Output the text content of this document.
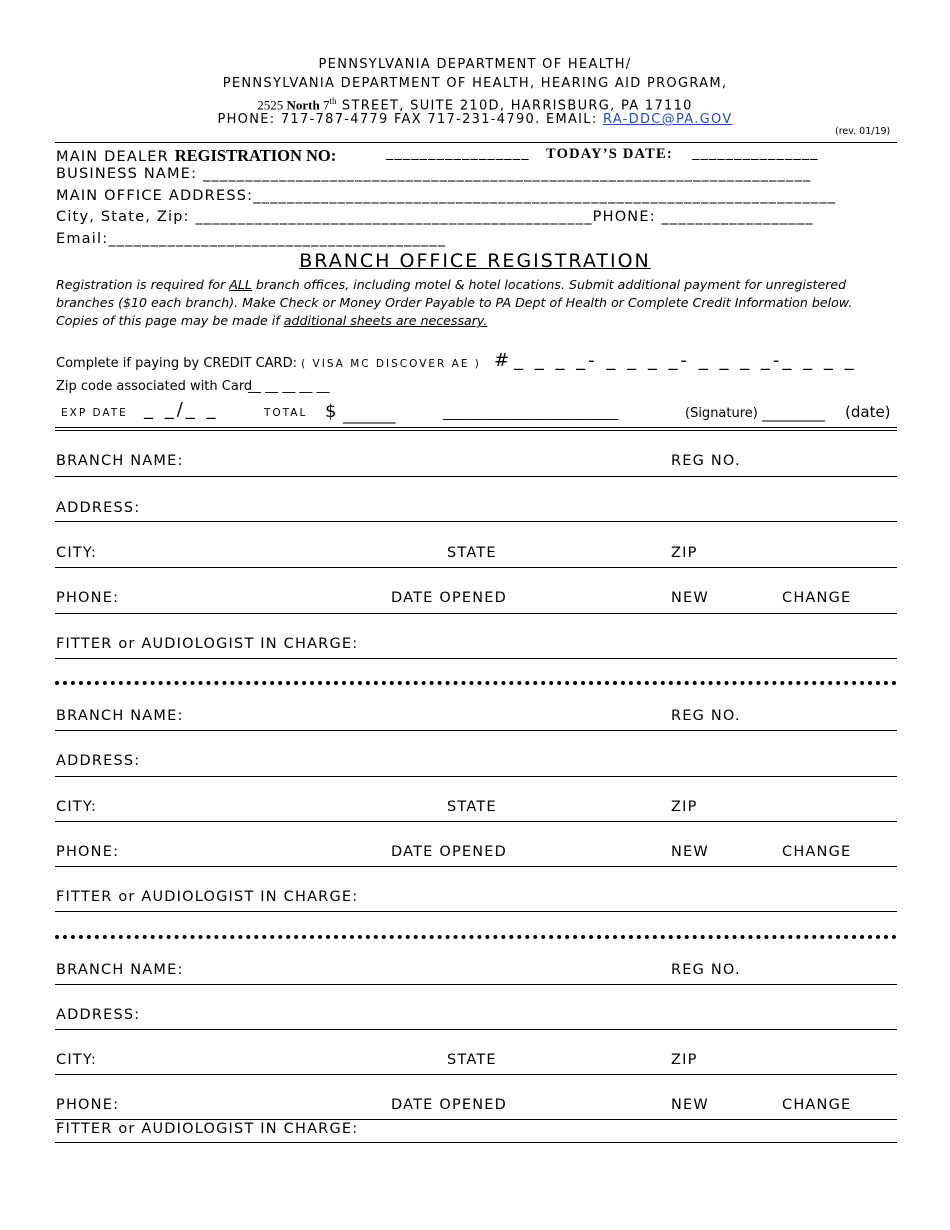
PENNSYLVANIA DEPARTMENT OF HEALTH/
PENNSYLVANIA DEPARTMENT OF HEALTH, HEARING AID PROGRAM,
2525 North 7th STREET, SUITE 210D, HARRISBURG, PA 17110
PHONE: 717-787-4779 FAX 717-231-4790. EMAIL: RA-DDC@PA.GOV
(rev. 01/19)
MAIN DEALER REGISTRATION NO:	_________________ TODAY’S DATE: _______________
BUSINESS NAME: ________________________________________________________________________
MAIN OFFICE ADDRESS:_____________________________________________________________________
City, State, Zip: _______________________________________________PHONE: __________________
Email:________________________________________
BRANCH OFFICE REGISTRATION
Registration is required for ALL branch offices, including motel & hotel locations. Submit additional payment for unregistered branches ($10 each branch). Make Check or Money Order Payable to PA Dept of Health or Complete Credit Information below. Copies of this page may be made if additional sheets are necessary.
Complete if paying by CREDIT CARD: ( VISA MC DISCOVER AE ) # _ _ _ _- _ _ _ _- _ _ _ _-_ _ _ _
Zip code associated with Card
__ __ __ __ __
EXP DATE _ _/_ _	TOTAL $ _______	___________________________	(Signature) _________ (date)
BRANCH NAME:	REG NO.
ADDRESS:
CITY:	STATE	ZIP
PHONE:	DATE OPENED	NEW	CHANGE
FITTER or AUDIOLOGIST IN CHARGE:
BRANCH NAME:	REG NO.
ADDRESS:
CITY:	STATE	ZIP
PHONE:	DATE OPENED	NEW	CHANGE
FITTER or AUDIOLOGIST IN CHARGE:
BRANCH NAME:	REG NO.
ADDRESS:
CITY:	STATE	ZIP
PHONE:	DATE OPENED	NEW	CHANGE
FITTER or AUDIOLOGIST IN CHARGE:
